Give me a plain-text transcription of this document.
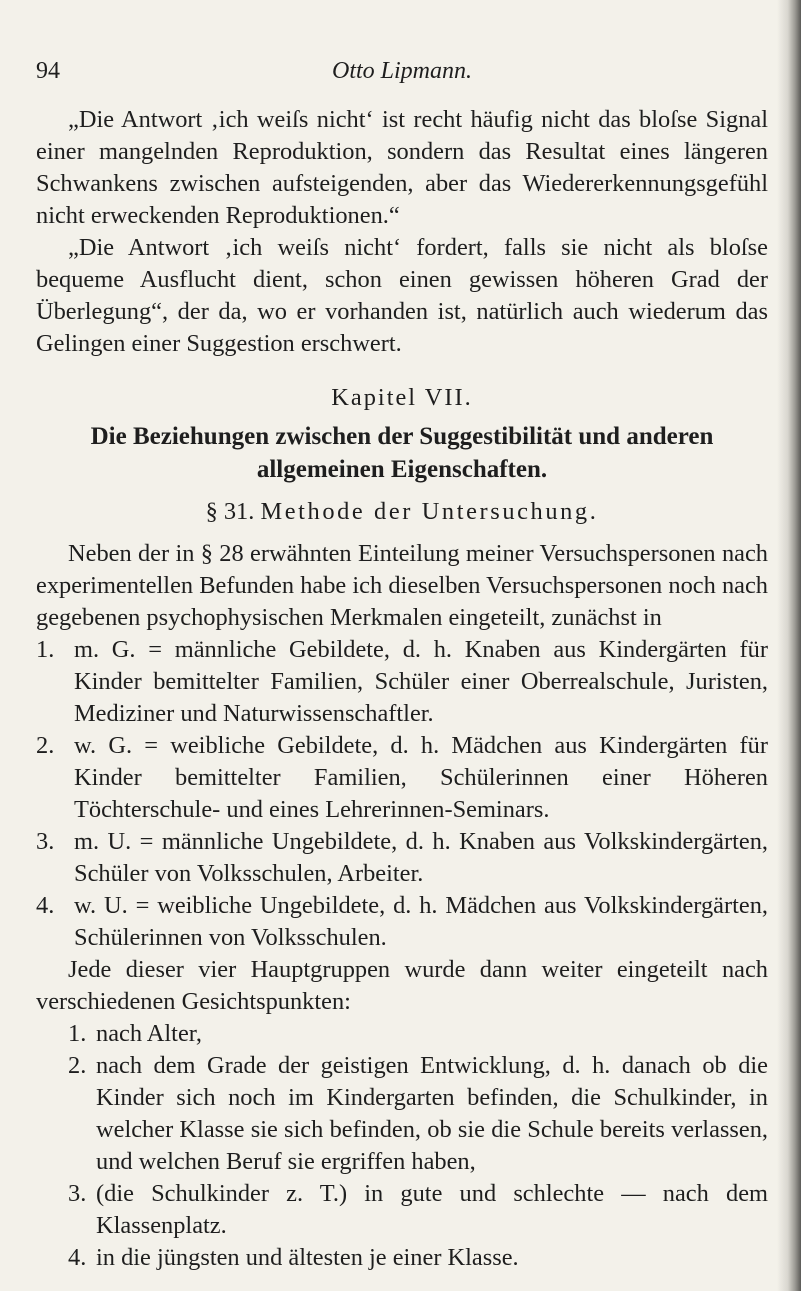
94	Otto Lipmann.

„Die Antwort ‚ich weiſs nicht‘ ist recht häufig nicht das bloſse Signal einer mangelnden Reproduktion, sondern das Resultat eines längeren Schwankens zwischen aufsteigenden, aber das Wiedererkennungsgefühl nicht erweckenden Reproduktionen.“

„Die Antwort ‚ich weiſs nicht‘ fordert, falls sie nicht als bloſse bequeme Ausflucht dient, schon einen gewissen höheren Grad der Überlegung“, der da, wo er vorhanden ist, natürlich auch wiederum das Gelingen einer Suggestion erschwert.

Kapitel VII.
Die Beziehungen zwischen der Suggestibilität und anderen
allgemeinen Eigenschaften.
§ 31. Methode der Untersuchung.

Neben der in § 28 erwähnten Einteilung meiner Versuchspersonen nach experimentellen Befunden habe ich dieselben Versuchspersonen noch nach gegebenen psychophysischen Merkmalen eingeteilt, zunächst in

1. m. G. = männliche Gebildete, d. h. Knaben aus Kindergärten für Kinder bemittelter Familien, Schüler einer Oberrealschule, Juristen, Mediziner und Naturwissenschaftler.
2. w. G. = weibliche Gebildete, d. h. Mädchen aus Kindergärten für Kinder bemittelter Familien, Schülerinnen einer Höheren Töchterschule- und eines Lehrerinnen-Seminars.
3. m. U. = männliche Ungebildete, d. h. Knaben aus Volkskindergärten, Schüler von Volksschulen, Arbeiter.
4. w. U. = weibliche Ungebildete, d. h. Mädchen aus Volkskindergärten, Schülerinnen von Volksschulen.

Jede dieser vier Hauptgruppen wurde dann weiter eingeteilt nach verschiedenen Gesichtspunkten:

1. nach Alter,
2. nach dem Grade der geistigen Entwicklung, d. h. danach ob die Kinder sich noch im Kindergarten befinden, die Schulkinder, in welcher Klasse sie sich befinden, ob sie die Schule bereits verlassen, und welchen Beruf sie ergriffen haben,
3. (die Schulkinder z. T.) in gute und schlechte — nach dem Klassenplatz.
4. in die jüngsten und ältesten je einer Klasse.
